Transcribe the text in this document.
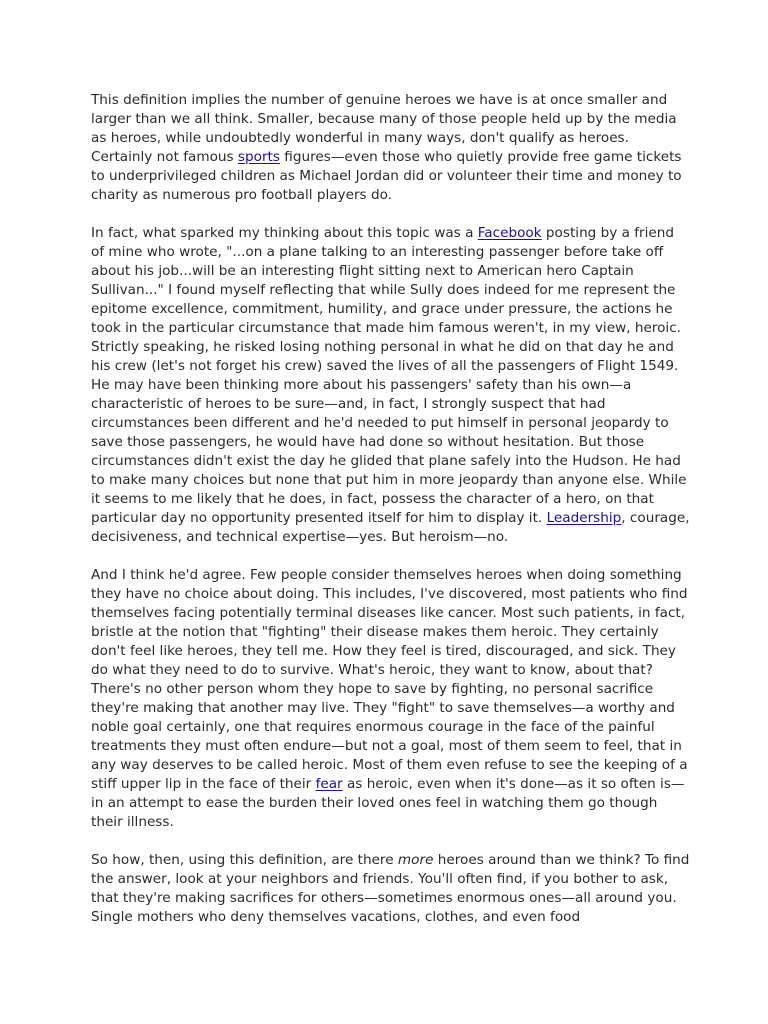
This definition implies the number of genuine heroes we have is at once smaller and larger than we all think. Smaller, because many of those people held up by the media as heroes, while undoubtedly wonderful in many ways, don't qualify as heroes. Certainly not famous sports figures—even those who quietly provide free game tickets to underprivileged children as Michael Jordan did or volunteer their time and money to charity as numerous pro football players do.

In fact, what sparked my thinking about this topic was a Facebook posting by a friend of mine who wrote, "...on a plane talking to an interesting passenger before take off about his job...will be an interesting flight sitting next to American hero Captain Sullivan..." I found myself reflecting that while Sully does indeed for me represent the epitome excellence, commitment, humility, and grace under pressure, the actions he took in the particular circumstance that made him famous weren't, in my view, heroic. Strictly speaking, he risked losing nothing personal in what he did on that day he and his crew (let's not forget his crew) saved the lives of all the passengers of Flight 1549. He may have been thinking more about his passengers' safety than his own—a characteristic of heroes to be sure—and, in fact, I strongly suspect that had circumstances been different and he'd needed to put himself in personal jeopardy to save those passengers, he would have had done so without hesitation. But those circumstances didn't exist the day he glided that plane safely into the Hudson. He had to make many choices but none that put him in more jeopardy than anyone else. While it seems to me likely that he does, in fact, possess the character of a hero, on that particular day no opportunity presented itself for him to display it. Leadership, courage, decisiveness, and technical expertise—yes. But heroism—no.

And I think he'd agree. Few people consider themselves heroes when doing something they have no choice about doing. This includes, I've discovered, most patients who find themselves facing potentially terminal diseases like cancer. Most such patients, in fact, bristle at the notion that "fighting" their disease makes them heroic. They certainly don't feel like heroes, they tell me. How they feel is tired, discouraged, and sick. They do what they need to do to survive. What's heroic, they want to know, about that? There's no other person whom they hope to save by fighting, no personal sacrifice they're making that another may live. They "fight" to save themselves—a worthy and noble goal certainly, one that requires enormous courage in the face of the painful treatments they must often endure—but not a goal, most of them seem to feel, that in any way deserves to be called heroic. Most of them even refuse to see the keeping of a stiff upper lip in the face of their fear as heroic, even when it's done—as it so often is—in an attempt to ease the burden their loved ones feel in watching them go though their illness.

So how, then, using this definition, are there more heroes around than we think? To find the answer, look at your neighbors and friends. You'll often find, if you bother to ask, that they're making sacrifices for others—sometimes enormous ones—all around you. Single mothers who deny themselves vacations, clothes, and even food
